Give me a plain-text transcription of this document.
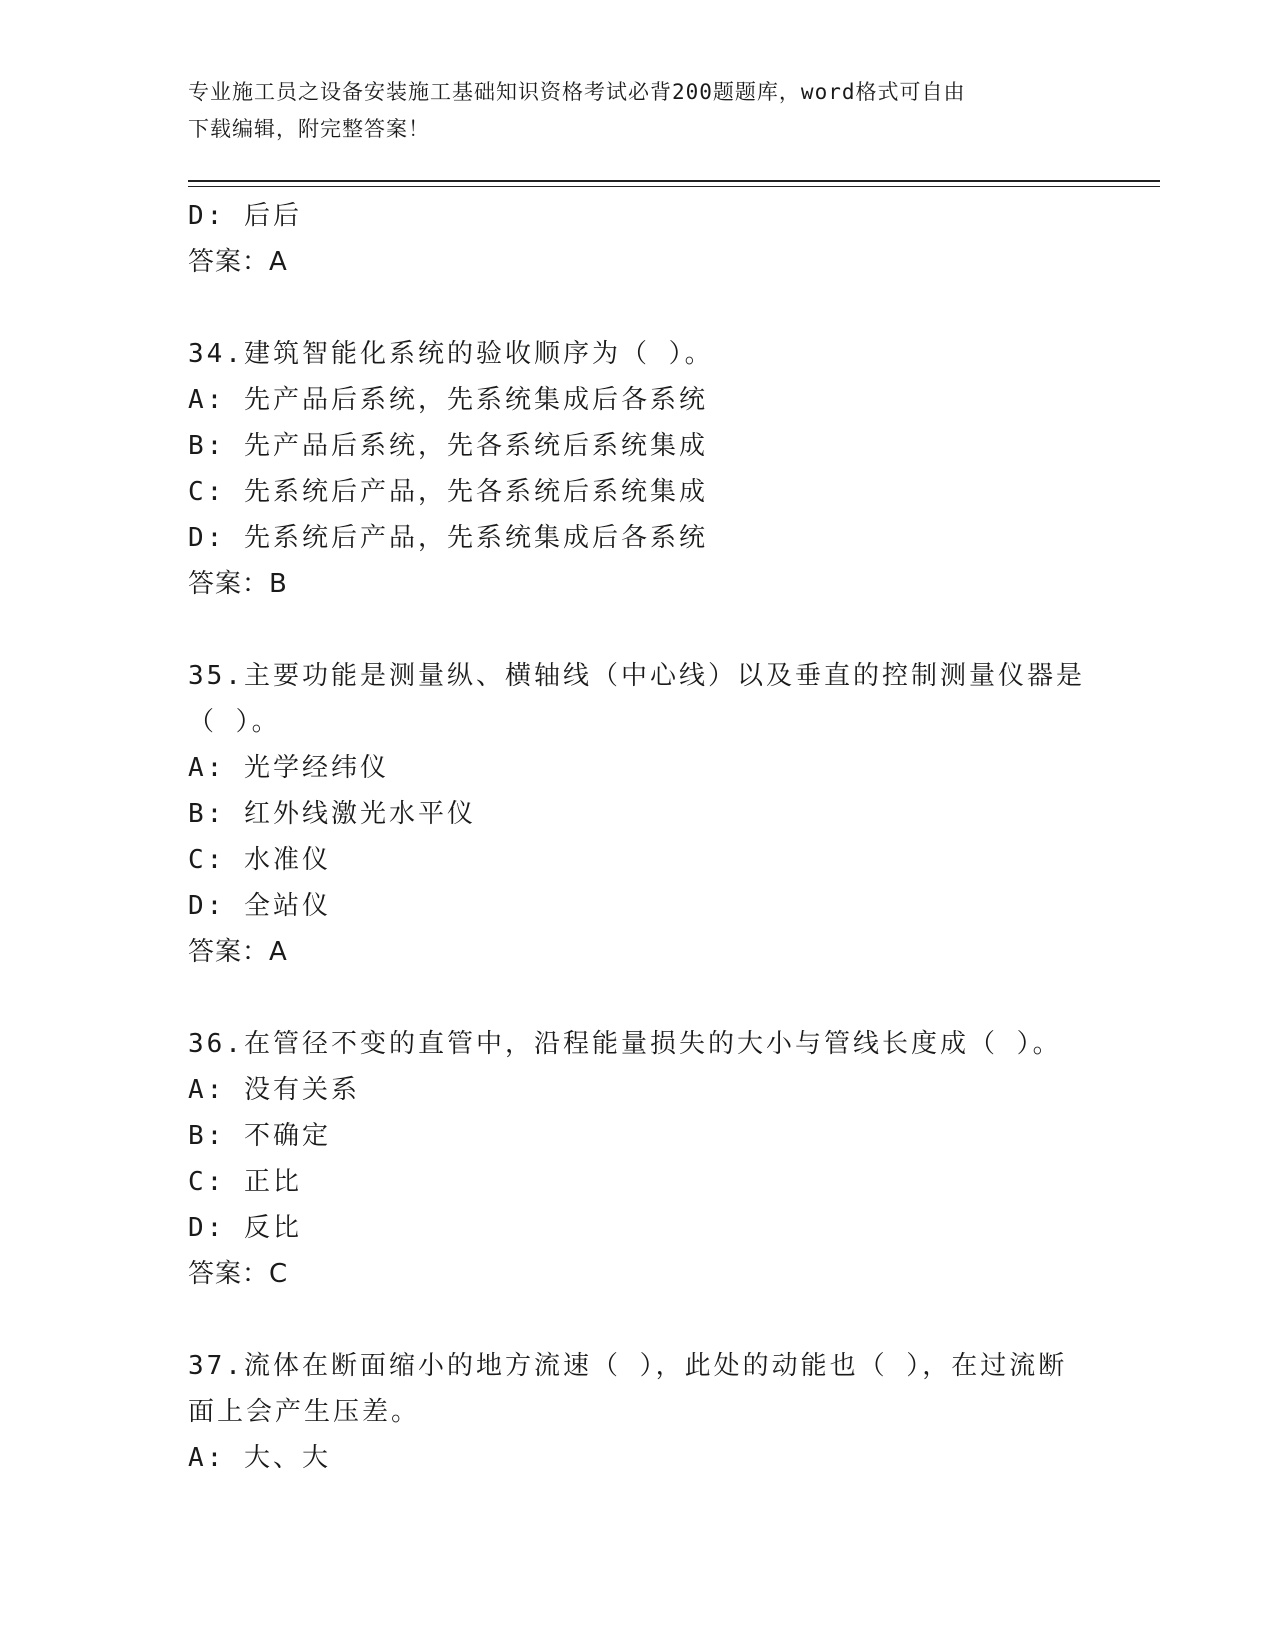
专业施工员之设备安装施工基础知识资格考试必背200题题库，word格式可自由
下载编辑，附完整答案！
D: 后后
答案：A
34.建筑智能化系统的验收顺序为（ ）。
A: 先产品后系统，先系统集成后各系统
B: 先产品后系统，先各系统后系统集成
C: 先系统后产品，先各系统后系统集成
D: 先系统后产品，先系统集成后各系统
答案：B
35.主要功能是测量纵、横轴线（中心线）以及垂直的控制测量仪器是
（ ）。
A: 光学经纬仪
B: 红外线激光水平仪
C: 水准仪
D: 全站仪
答案：A
36.在管径不变的直管中，沿程能量损失的大小与管线长度成（ ）。
A: 没有关系
B: 不确定
C: 正比
D: 反比
答案：C
37.流体在断面缩小的地方流速（ ），此处的动能也（ ），在过流断
面上会产生压差。
A: 大、大
